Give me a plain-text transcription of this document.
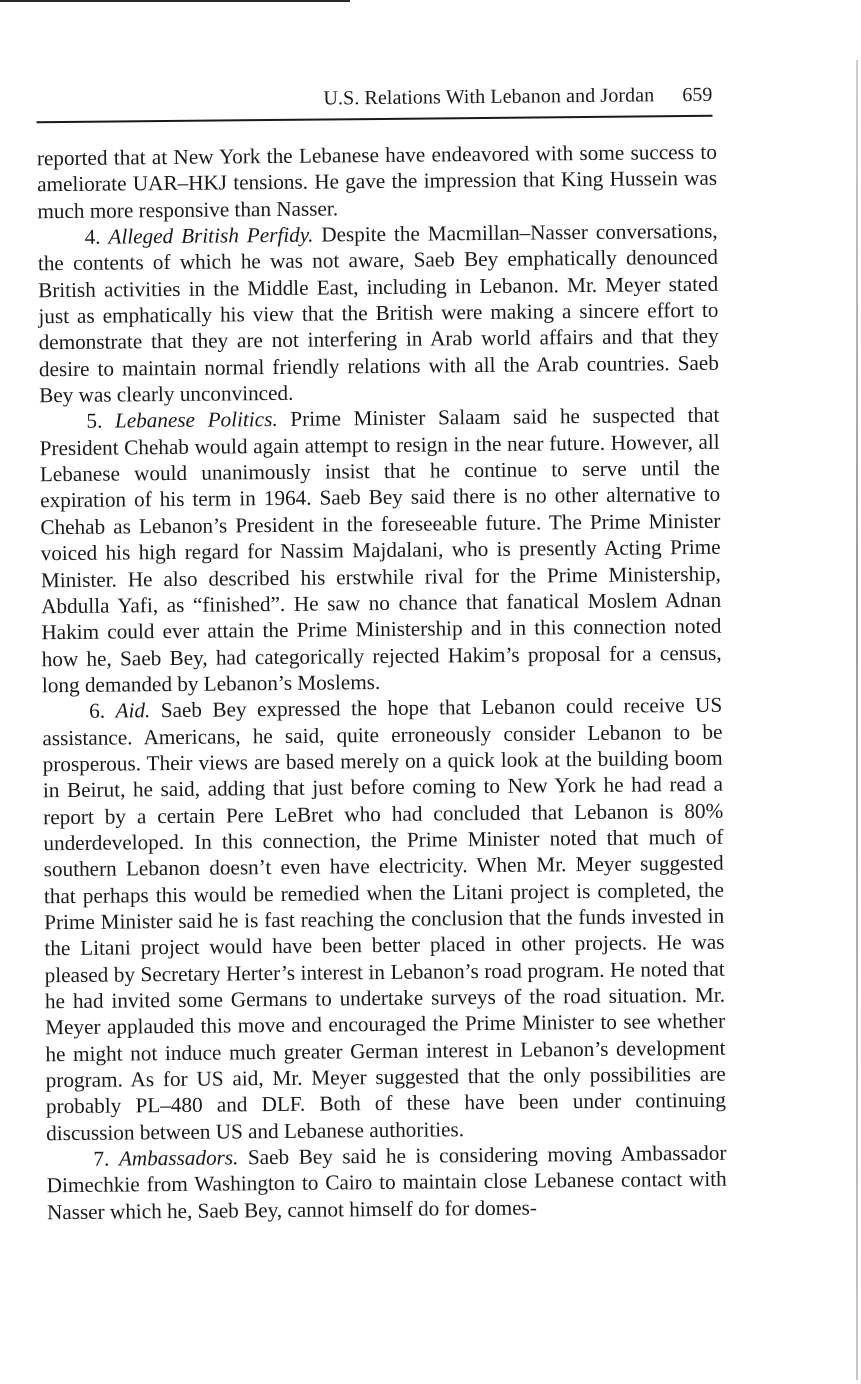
U.S. Relations With Lebanon and Jordan 659

reported that at New York the Lebanese have endeavored with some success to ameliorate UAR–HKJ tensions. He gave the impression that King Hussein was much more responsive than Nasser.

4. Alleged British Perfidy. Despite the Macmillan–Nasser conversations, the contents of which he was not aware, Saeb Bey emphatically denounced British activities in the Middle East, including in Lebanon. Mr. Meyer stated just as emphatically his view that the British were making a sincere effort to demonstrate that they are not interfering in Arab world affairs and that they desire to maintain normal friendly relations with all the Arab countries. Saeb Bey was clearly unconvinced.

5. Lebanese Politics. Prime Minister Salaam said he suspected that President Chehab would again attempt to resign in the near future. However, all Lebanese would unanimously insist that he continue to serve until the expiration of his term in 1964. Saeb Bey said there is no other alternative to Chehab as Lebanon’s President in the foreseeable future. The Prime Minister voiced his high regard for Nassim Majdalani, who is presently Acting Prime Minister. He also described his erstwhile rival for the Prime Ministership, Abdulla Yafi, as “finished”. He saw no chance that fanatical Moslem Adnan Hakim could ever attain the Prime Ministership and in this connection noted how he, Saeb Bey, had categorically rejected Hakim’s proposal for a census, long demanded by Lebanon’s Moslems.

6. Aid. Saeb Bey expressed the hope that Lebanon could receive US assistance. Americans, he said, quite erroneously consider Lebanon to be prosperous. Their views are based merely on a quick look at the building boom in Beirut, he said, adding that just before coming to New York he had read a report by a certain Pere LeBret who had concluded that Lebanon is 80% underdeveloped. In this connection, the Prime Minister noted that much of southern Lebanon doesn’t even have electricity. When Mr. Meyer suggested that perhaps this would be remedied when the Litani project is completed, the Prime Minister said he is fast reaching the conclusion that the funds invested in the Litani project would have been better placed in other projects. He was pleased by Secretary Herter’s interest in Lebanon’s road program. He noted that he had invited some Germans to undertake surveys of the road situation. Mr. Meyer applauded this move and encouraged the Prime Minister to see whether he might not induce much greater German interest in Lebanon’s development program. As for US aid, Mr. Meyer suggested that the only possibilities are probably PL–480 and DLF. Both of these have been under continuing discussion between US and Lebanese authorities.

7. Ambassadors. Saeb Bey said he is considering moving Ambassador Dimechkie from Washington to Cairo to maintain close Lebanese contact with Nasser which he, Saeb Bey, cannot himself do for domes-
